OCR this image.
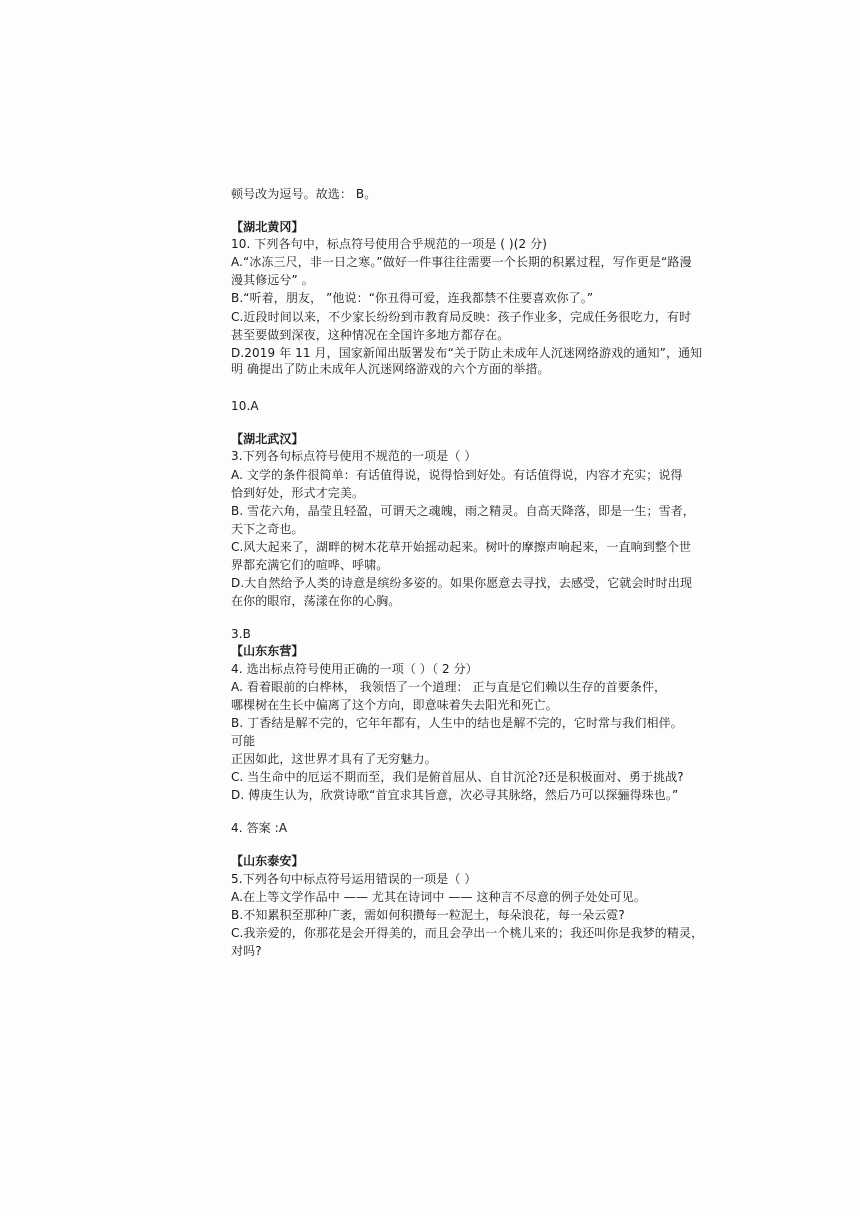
顿号改为逗号。故选： B。
【湖北黄冈】
10. 下列各句中，标点符号使用合乎规范的一项是 ( )(2 分)
A.“冰冻三尺，非一日之寒。”做好一件事往往需要一个长期的积累过程，写作更是“路漫
漫其修远兮” 。
B.“听着，朋友， ”他说：“你丑得可爱，连我都禁不住要喜欢你了。”
C.近段时间以来，不少家长纷纷到市教育局反映：孩子作业多，完成任务很吃力，有时
甚至要做到深夜，这种情况在全国许多地方都存在。
D.2019 年 11 月，国家新闻出版署发布“关于防止未成年人沉迷网络游戏的通知”，通知明 确提出了防止未成年人沉迷网络游戏的六个方面的举措。
10.A
【湖北武汉】
3.下列各句标点符号使用不规范的一项是（ ）
A. 文学的条件很简单：有话值得说，说得恰到好处。有话值得说，内容才充实；说得
恰到好处，形式才完美。
B. 雪花六角，晶莹且轻盈，可谓天之魂魄，雨之精灵。自高天降落，即是一生；雪者，
天下之奇也。
C.风大起来了，湖畔的树木花草开始摇动起来。树叶的摩擦声响起来，一直响到整个世
界都充满它们的喧哗、呼啸。
D.大自然给予人类的诗意是缤纷多姿的。如果你愿意去寻找，去感受，它就会时时出现
在你的眼帘，荡漾在你的心胸。
3.B
【山东东营】
4. 选出标点符号使用正确的一项（ ）（ 2 分）
A. 看着眼前的白桦林， 我领悟了一个道理： 正与直是它们赖以生存的首要条件，
哪棵树在生长中偏离了这个方向，即意味着失去阳光和死亡。
B. 丁香结是解不完的，它年年都有，人生中的结也是解不完的，它时常与我们相伴。
可能
正因如此，这世界才具有了无穷魅力。
C. 当生命中的厄运不期而至，我们是俯首屈从、自甘沉沦?还是积极面对、勇于挑战?
D. 傅庚生认为，欣赏诗歌“首宜求其旨意，次必寻其脉络，然后乃可以探骊得珠也。”
4. 答案 :A
【山东泰安】
5.下列各句中标点符号运用错误的一项是（ ）
A.在上等文学作品中 —— 尤其在诗词中 —— 这种言不尽意的例子处处可见。
B.不知累积至那种广袤，需如何积攒每一粒泥土，每朵浪花，每一朵云霓?
C.我亲爱的，你那花是会开得美的，而且会孕出一个桃儿来的；我还叫你是我梦的精灵，
对吗?
